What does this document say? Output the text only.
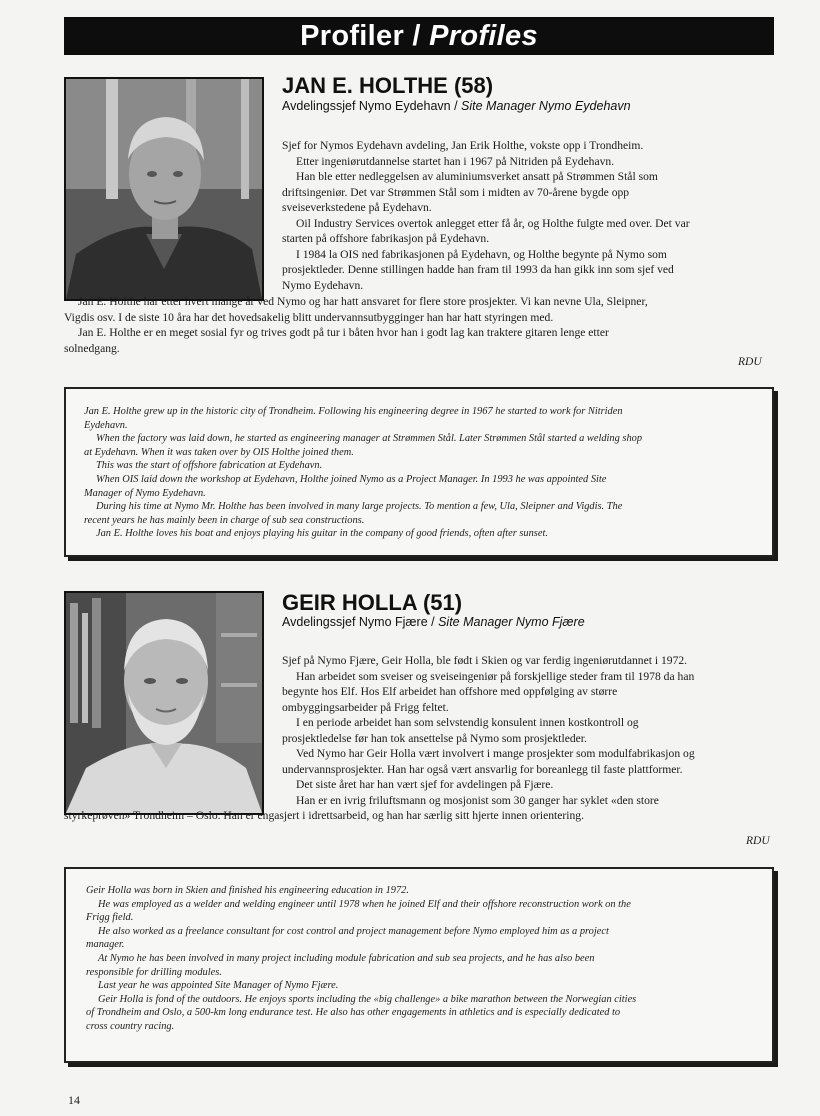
Profiler / Profiles
JAN E. HOLTHE (58)
Avdelingssjef Nymo Eydehavn / Site Manager Nymo Eydehavn

Sjef for Nymos Eydehavn avdeling, Jan Erik Holthe, vokste opp i Trondheim.

Etter ingeniørutdannelse startet han i 1967 på Nitriden på Eydehavn.

Han ble etter nedleggelsen av aluminiumsverket ansatt på Strømmen Stål som

driftsingeniør. Det var Strømmen Stål som i midten av 70-årene bygde opp

sveiseverkstedene på Eydehavn.

Oil Industry Services overtok anlegget etter få år, og Holthe fulgte med over. Det var

starten på offshore fabrikasjon på Eydehavn.

I 1984 la OIS ned fabrikasjonen på Eydehavn, og Holthe begynte på Nymo som

prosjektleder. Denne stillingen hadde han fram til 1993 da han gikk inn som sjef ved

Nymo Eydehavn.

Jan E. Holthe har etter hvert mange år ved Nymo og har hatt ansvaret for flere store prosjekter. Vi kan nevne Ula, Sleipner,

Vigdis osv. I de siste 10 åra har det hovedsakelig blitt undervannsutbygginger han har hatt styringen med.

Jan E. Holthe er en meget sosial fyr og trives godt på tur i båten hvor han i godt lag kan traktere gitaren lenge etter

solnedgang.

RDU

Jan E. Holthe grew up in the historic city of Trondheim. Following his engineering degree in 1967 he started to work for Nitriden

Eydehavn.

When the factory was laid down, he started as engineering manager at Strømmen Stål. Later Strømmen Stål started a welding shop

at Eydehavn. When it was taken over by OIS Holthe joined them.

This was the start of offshore fabrication at Eydehavn.

When OIS laid down the workshop at Eydehavn, Holthe joined Nymo as a Project Manager. In 1993 he was appointed Site

Manager of Nymo Eydehavn.

During his time at Nymo Mr. Holthe has been involved in many large projects. To mention a few, Ula, Sleipner and Vigdis. The

recent years he has mainly been in charge of sub sea constructions.

Jan E. Holthe loves his boat and enjoys playing his guitar in the company of good friends, often after sunset.

GEIR HOLLA (51)
Avdelingssjef Nymo Fjære / Site Manager Nymo Fjære

Sjef på Nymo Fjære, Geir Holla, ble født i Skien og var ferdig ingeniørutdannet i 1972.

Han arbeidet som sveiser og sveiseingeniør på forskjellige steder fram til 1978 da han

begynte hos Elf. Hos Elf arbeidet han offshore med oppfølging av større

ombyggingsarbeider på Frigg feltet.

I en periode arbeidet han som selvstendig konsulent innen kostkontroll og

prosjektledelse før han tok ansettelse på Nymo som prosjektleder.

Ved Nymo har Geir Holla vært involvert i mange prosjekter som modulfabrikasjon og

undervannsprosjekter. Han har også vært ansvarlig for boreanlegg til faste plattformer.

Det siste året har han vært sjef for avdelingen på Fjære.

Han er en ivrig friluftsmann og mosjonist som 30 ganger har syklet «den store

styrkeprøven» Trondheim – Oslo. Han er engasjert i idrettsarbeid, og han har særlig sitt hjerte innen orientering.

RDU

Geir Holla was born in Skien and finished his engineering education in 1972.

He was employed as a welder and welding engineer until 1978 when he joined Elf and their offshore reconstruction work on the

Frigg field.

He also worked as a freelance consultant for cost control and project management before Nymo employed him as a project

manager.

At Nymo he has been involved in many project including module fabrication and sub sea projects, and he has also been

responsible for drilling modules.

Last year he was appointed Site Manager of Nymo Fjære.

Geir Holla is fond of the outdoors. He enjoys sports including the «big challenge» a bike marathon between the Norwegian cities

of Trondheim and Oslo, a 500-km long endurance test. He also has other engagements in athletics and is especially dedicated to

cross country racing.

14
